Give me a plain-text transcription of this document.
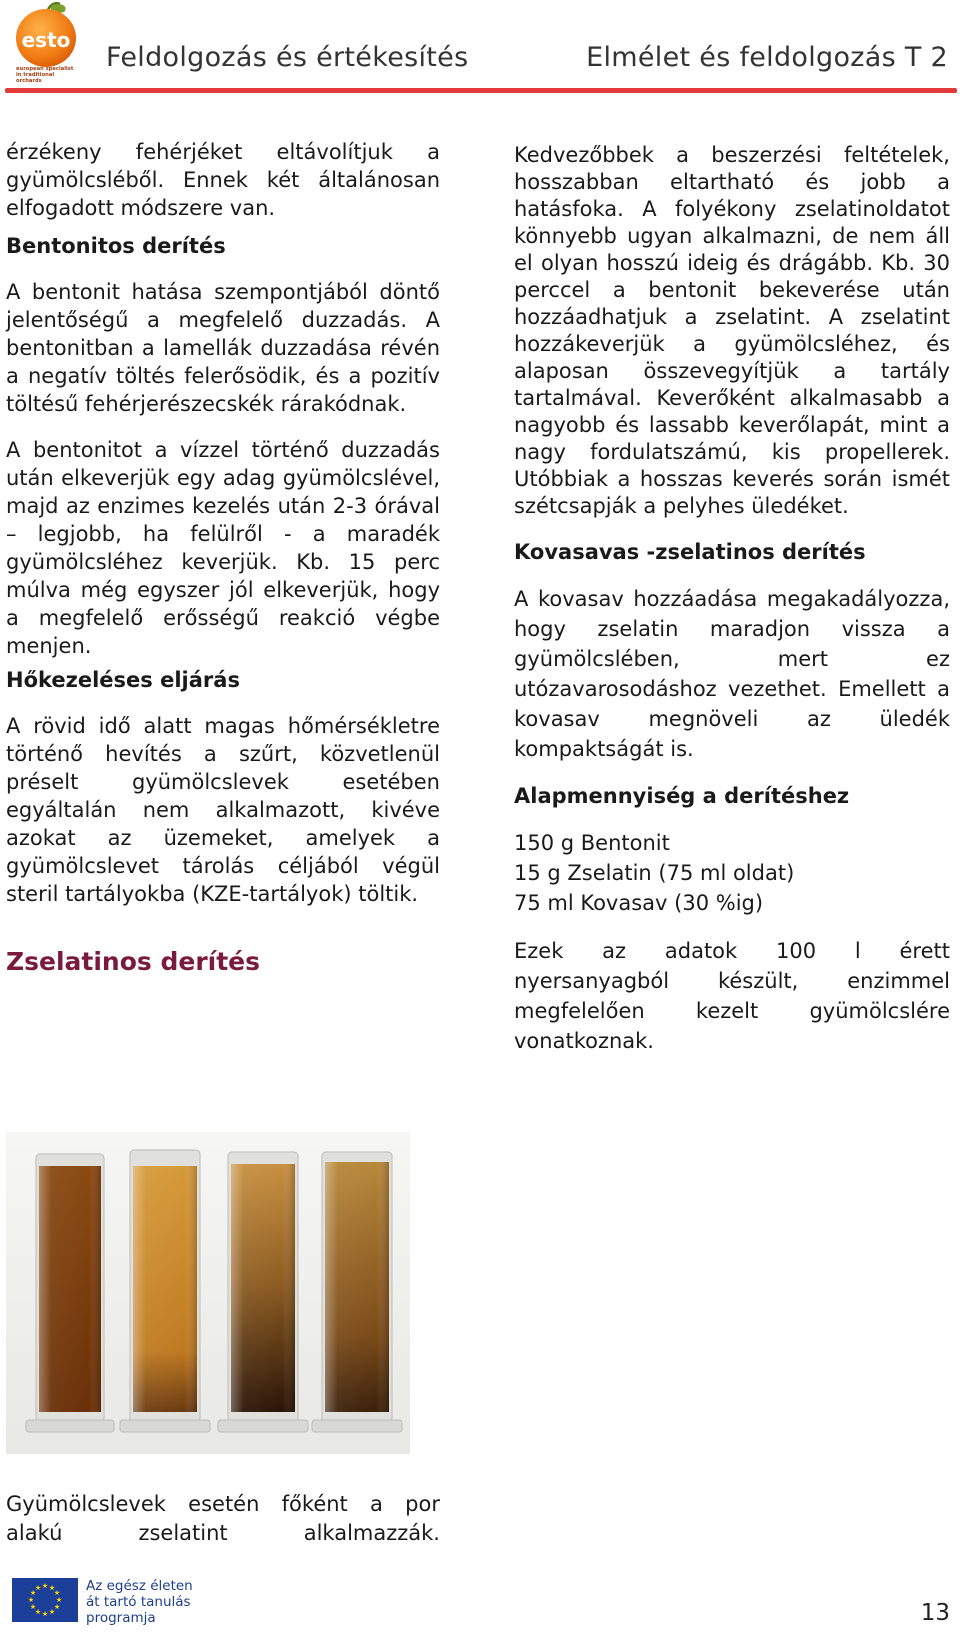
esto
european specialist in traditional orchards
Feldolgozás és értékesítés	Elmélet és feldolgozás T 2

érzékeny fehérjéket eltávolítjuk a gyümölcsléből. Ennek két általánosan elfogadott módszere van.

Bentonitos derítés

A bentonit hatása szempontjából döntő jelentőségű a megfelelő duzzadás. A bentonitban a lamellák duzzadása révén a negatív töltés felerősödik, és a pozitív töltésű fehérjerészecskék rárakódnak.

A bentonitot a vízzel történő duzzadás után elkeverjük egy adag gyümölcslével, majd az enzimes kezelés után 2-3 órával – legjobb, ha felülről - a maradék gyümölcsléhez keverjük. Kb. 15 perc múlva még egyszer jól elkeverjük, hogy a megfelelő erősségű reakció végbe menjen.

Hőkezeléses eljárás

A rövid idő alatt magas hőmérsékletre történő hevítés a szűrt, közvetlenül préselt gyümölcslevek esetében egyáltalán nem alkalmazott, kivéve azokat az üzemeket, amelyek a gyümölcslevet tárolás céljából végül steril tartályokba (KZE-tartályok) töltik.

Zselatinos derítés

Gyümölcslevek esetén főként a por

alakú zselatint alkalmazzák.

Kedvezőbbek a beszerzési feltételek, hosszabban eltartható és jobb a hatásfoka. A folyékony zselatinoldatot könnyebb ugyan alkalmazni, de nem áll el olyan hosszú ideig és drágább. Kb. 30 perccel a bentonit bekeverése után hozzáadhatjuk a zselatint. A zselatint hozzákeverjük a gyümölcsléhez, és alaposan összevegyítjük a tartály tartalmával. Keverőként alkalmasabb a nagyobb és lassabb keverőlapát, mint a nagy fordulatszámú, kis propellerek. Utóbbiak a hosszas keverés során ismét szétcsapják a pelyhes üledéket.

Kovasavas -zselatinos derítés

A kovasav hozzáadása megakadályozza, hogy zselatin maradjon vissza a gyümölcslében, mert ez utózavarosodáshoz vezethet. Emellett a kovasav megnöveli az üledék kompaktságát is.

Alapmennyiség a derítéshez

150 g Bentonit
15 g Zselatin (75 ml oldat)
75 ml Kovasav (30 %ig)

Ezek az adatok 100 l érett nyersanyagból készült, enzimmel megfelelően kezelt gyümölcslére vonatkoznak.

★ ★
★
★
★
★
★
★
★
★
★
★	Az egész életen
át tartó tanulás
programja	13
